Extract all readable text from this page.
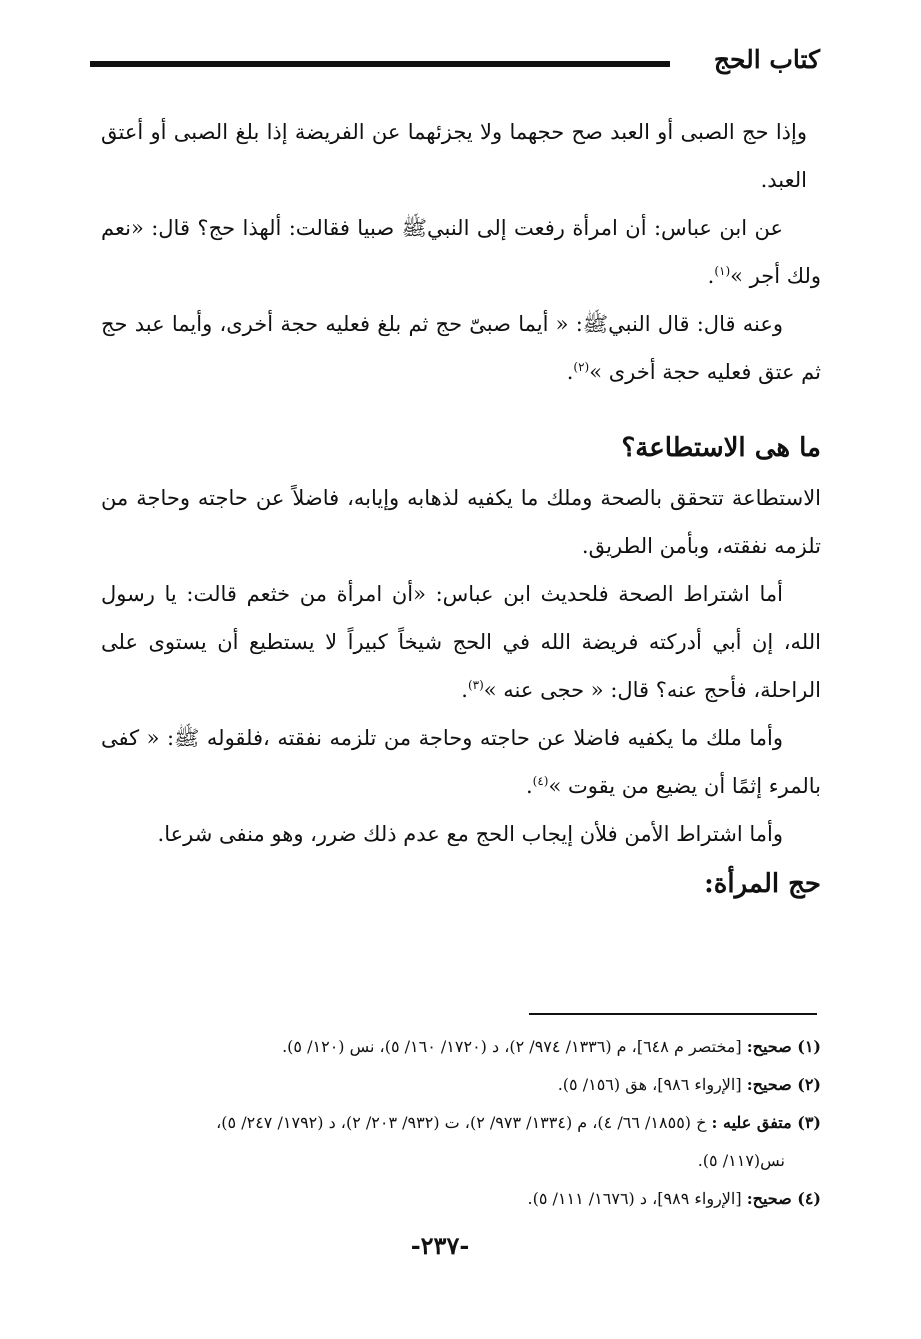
كتاب الحج

وإذا حج الصبى أو العبد صح حجهما ولا يجزئهما عن الفريضة إذا بلغ الصبى أو أعتق العبد.

عن ابن عباس: أن امرأة رفعت إلى النبيﷺ صبيا فقالت: ألهذا حج؟ قال: «نعم ولك أجر »$^{(١)}$.

وعنه قال: قال النبيﷺ: « أيما صبىّ حج ثم بلغ فعليه حجة أخرى، وأيما عبد حج ثم عتق فعليه حجة أخرى »$^{(٢)}$.

ما هى الاستطاعة؟

الاستطاعة تتحقق بالصحة وملك ما يكفيه لذهابه وإيابه، فاضلاً عن حاجته وحاجة من تلزمه نفقته، وبأمن الطريق.

أما اشتراط الصحة فلحديث ابن عباس: «أن امرأة من خثعم قالت: يا رسول الله، إن أبي أدركته فريضة الله في الحج شيخاً كبيراً لا يستطيع أن يستوى على الراحلة، فأحج عنه؟ قال: « حجى عنه »$^{(٣)}$.

وأما ملك ما يكفيه فاضلا عن حاجته وحاجة من تلزمه نفقته ،فلقوله ﷺ: « كفى بالمرء إثمًا أن يضيع من يقوت »$^{(٤)}$.

وأما اشتراط الأمن فلأن إيجاب الحج مع عدم ذلك ضرر، وهو منفى شرعا.

حج المرأة:

(١) صحيح: [مختصر م ٦٤٨]، م (١٣٣٦/ ٩٧٤/ ٢)، د (١٧٢٠/ ١٦٠/ ٥)، نس (١٢٠/ ٥).

(٢) صحيح: [الإرواء ٩٨٦]، هق (١٥٦/ ٥).

(٣) متفق عليه : خ (١٨٥٥/ ٦٦/ ٤)، م (١٣٣٤/ ٩٧٣/ ٢)، ت (٩٣٢/ ٢٠٣/ ٢)، د (١٧٩٢/ ٢٤٧/ ٥)،

نس(١١٧/ ٥).

(٤) صحيح: [الإرواء ٩٨٩]، د (١٦٧٦/ ١١١/ ٥).

-٢٣٧-
